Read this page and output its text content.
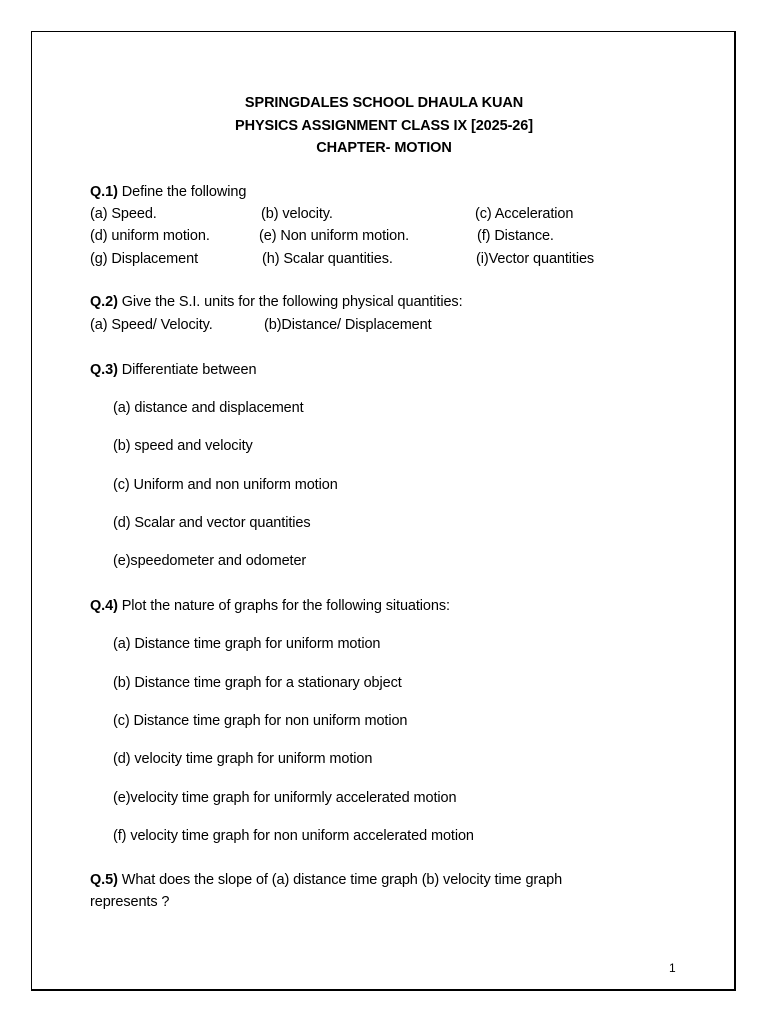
SPRINGDALES SCHOOL DHAULA KUAN
PHYSICS ASSIGNMENT CLASS IX [2025-26]
CHAPTER- MOTION
Q.1) Define the following
(a) Speed.	(b) velocity.	(c) Acceleration
(d) uniform motion.	(e) Non uniform motion.	(f) Distance.
(g) Displacement	(h) Scalar quantities.	(i)Vector quantities
Q.2) Give the S.I. units for the following physical quantities:
(a) Speed/ Velocity.	(b)Distance/ Displacement
Q.3) Differentiate between
(a) distance and displacement
(b) speed and velocity
(c) Uniform and non uniform motion
(d) Scalar and vector quantities
(e)speedometer and odometer
Q.4) Plot the nature of graphs for the following situations:
(a) Distance time graph for uniform motion
(b) Distance time graph for a stationary object
(c) Distance time graph for non uniform motion
(d) velocity time graph for uniform motion
(e)velocity time graph for uniformly accelerated motion
(f) velocity time graph for non uniform accelerated motion
Q.5) What does the slope of (a) distance time graph (b) velocity time graph
represents ?
1
